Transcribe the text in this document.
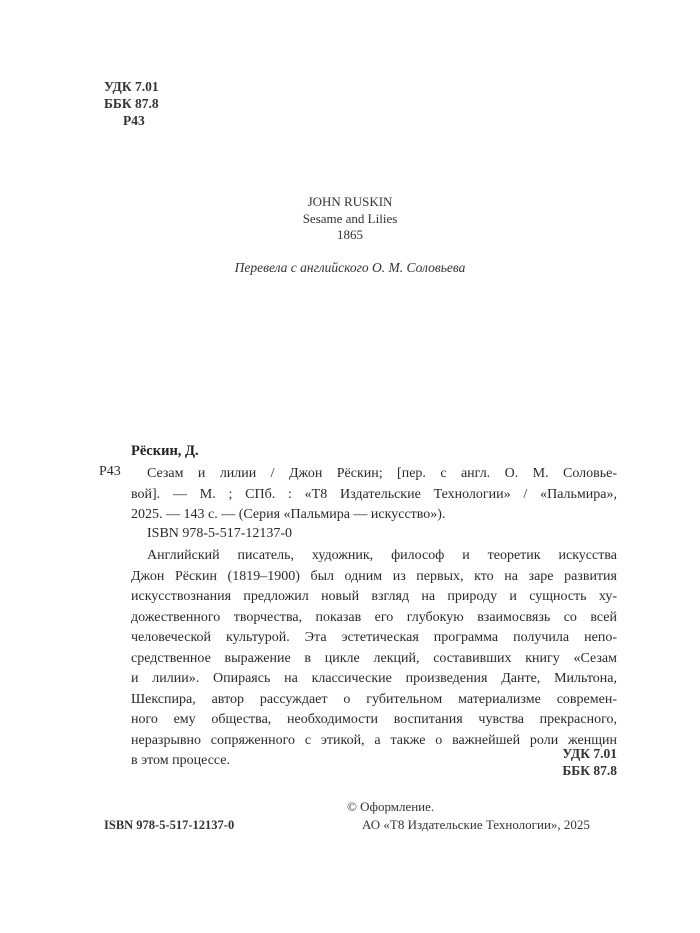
УДК 7.01
ББК 87.8
Р43
JOHN RUSKIN
Sesame and Lilies
1865
Перевела с английского О. М. Соловьева
Рёскин, Д.
Р43	Сезам и лилии / Джон Рёскин; [пер. с англ. О. М. Соловье-
вой]. — М. ; СПб. : «Т8 Издательские Технологии» / «Пальмира»,
2025. — 143 с. — (Серия «Пальмира — искусство»).
ISBN 978-5-517-12137-0
Английский писатель, художник, философ и теоретик искусства
Джон Рёскин (1819–1900) был одним из первых, кто на заре развития
искусствознания предложил новый взгляд на природу и сущность ху-
дожественного творчества, показав его глубокую взаимосвязь со всей
человеческой культурой. Эта эстетическая программа получила непо-
средственное выражение в цикле лекций, составивших книгу «Сезам
и лилии». Опираясь на классические произведения Данте, Мильтона,
Шекспира, автор рассуждает о губительном материализме современ-
ного ему общества, необходимости воспитания чувства прекрасного,
неразрывно сопряженного с этикой, а также о важнейшей роли женщин
в этом процессе.	УДК 7.01
ББК 87.8
ISBN 978-5-517-12137-0
© Оформление.
АО «Т8 Издательские Технологии», 2025
